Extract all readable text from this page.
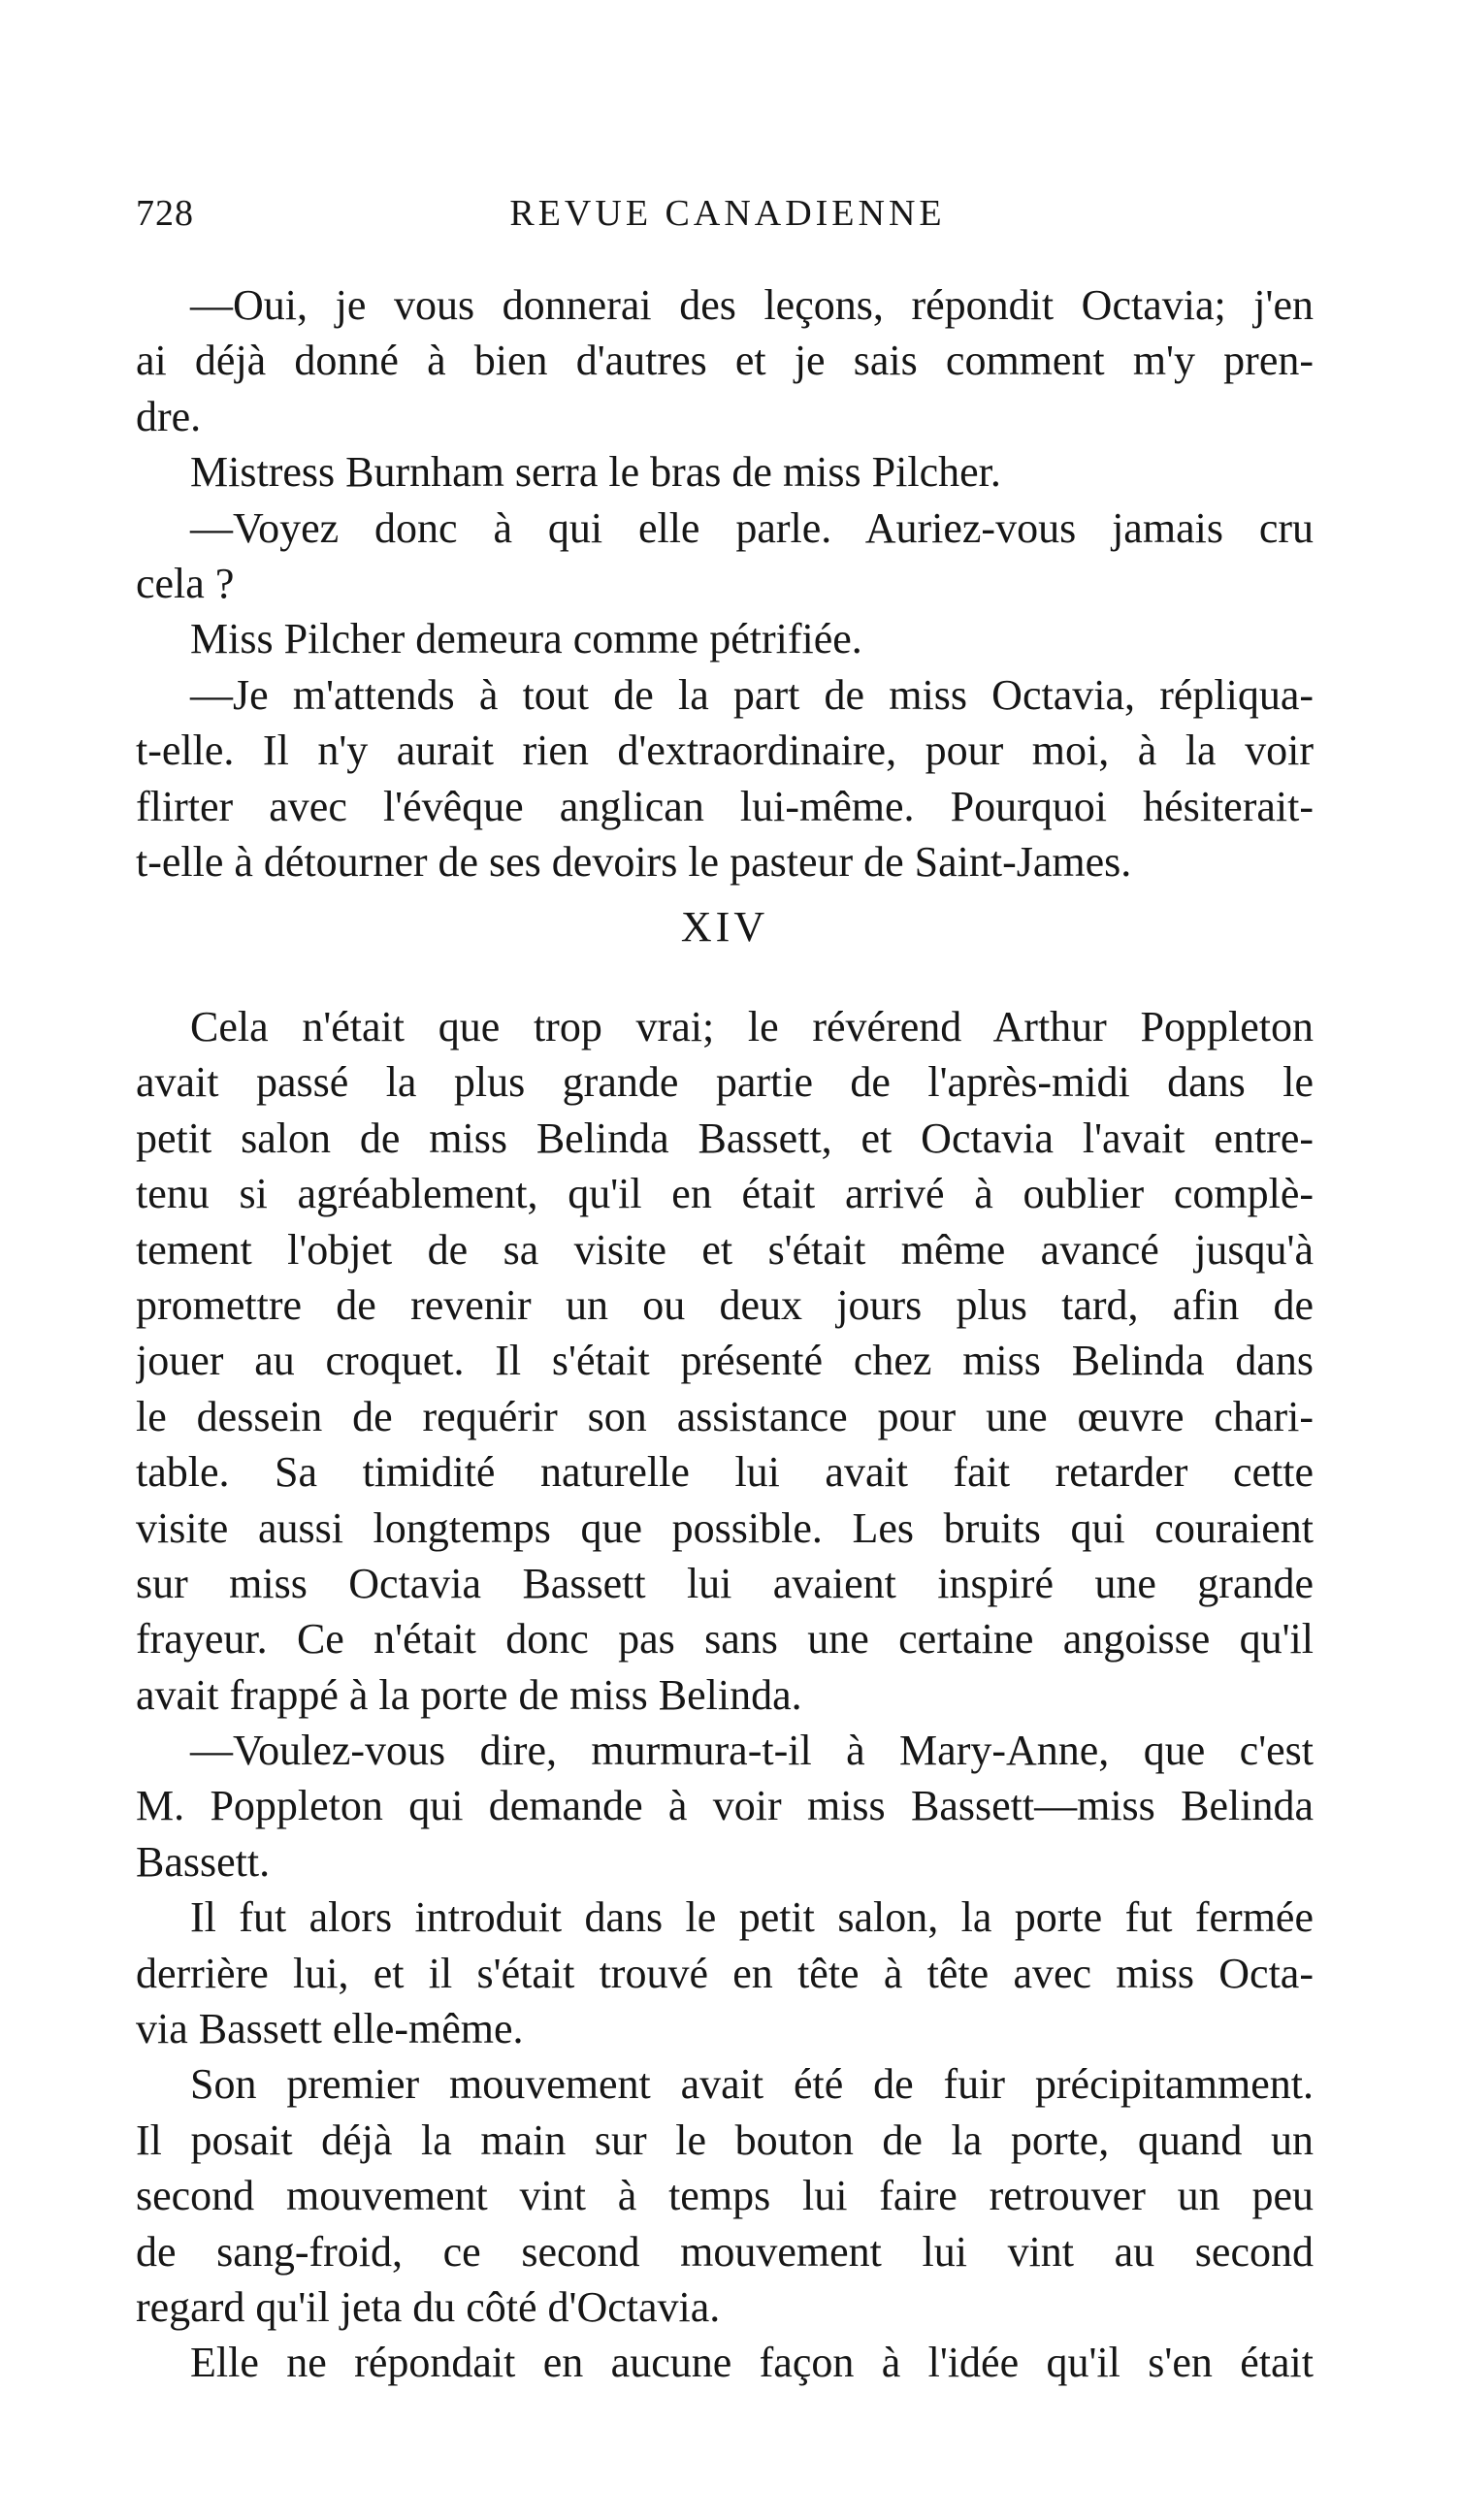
728	REVUE CANADIENNE
—Oui, je vous donnerai des leçons, répondit Octavia; j'en
ai déjà donné à bien d'autres et je sais comment m'y pren-
dre.
Mistress Burnham serra le bras de miss Pilcher.
—Voyez donc à qui elle parle. Auriez-vous jamais cru
cela ?
Miss Pilcher demeura comme pétrifiée.
—Je m'attends à tout de la part de miss Octavia, répliqua-
t-elle. Il n'y aurait rien d'extraordinaire, pour moi, à la voir
flirter avec l'évêque anglican lui-même. Pourquoi hésiterait-
t-elle à détourner de ses devoirs le pasteur de Saint-James.
XIV
Cela n'était que trop vrai; le révérend Arthur Poppleton
avait passé la plus grande partie de l'après-midi dans le
petit salon de miss Belinda Bassett, et Octavia l'avait entre-
tenu si agréablement, qu'il en était arrivé à oublier complè-
tement l'objet de sa visite et s'était même avancé jusqu'à
promettre de revenir un ou deux jours plus tard, afin de
jouer au croquet. Il s'était présenté chez miss Belinda dans
le dessein de requérir son assistance pour une œuvre chari-
table. Sa timidité naturelle lui avait fait retarder cette
visite aussi longtemps que possible. Les bruits qui couraient
sur miss Octavia Bassett lui avaient inspiré une grande
frayeur. Ce n'était donc pas sans une certaine angoisse qu'il
avait frappé à la porte de miss Belinda.
—Voulez-vous dire, murmura-t-il à Mary-Anne, que c'est
M. Poppleton qui demande à voir miss Bassett—miss Belinda
Bassett.
Il fut alors introduit dans le petit salon, la porte fut fermée
derrière lui, et il s'était trouvé en tête à tête avec miss Octa-
via Bassett elle-même.
Son premier mouvement avait été de fuir précipitamment.
Il posait déjà la main sur le bouton de la porte, quand un
second mouvement vint à temps lui faire retrouver un peu
de sang-froid, ce second mouvement lui vint au second
regard qu'il jeta du côté d'Octavia.
Elle ne répondait en aucune façon à l'idée qu'il s'en était
